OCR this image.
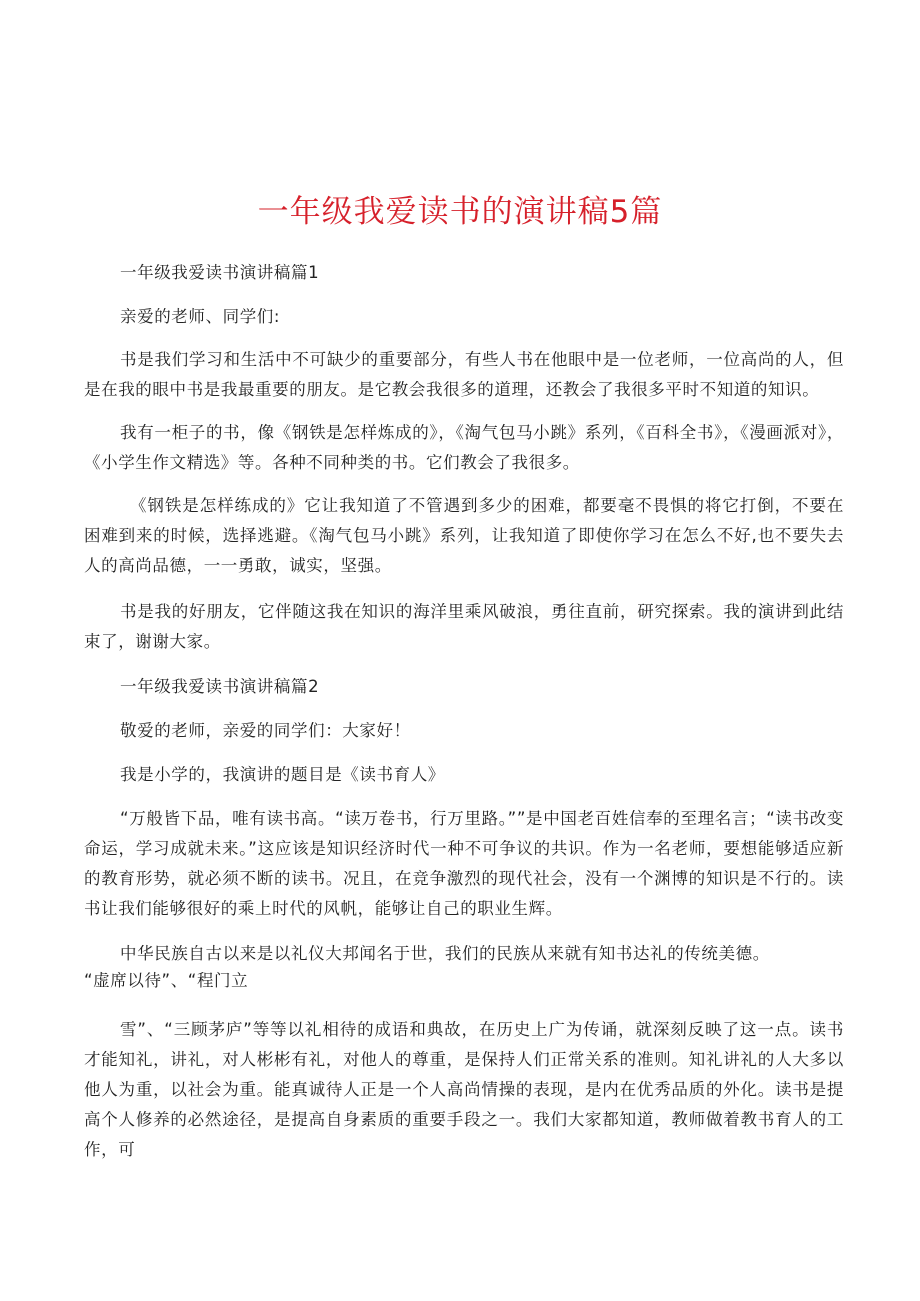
一年级我爱读书的演讲稿5篇
一年级我爱读书演讲稿篇1
亲爱的老师、同学们:
书是我们学习和生活中不可缺少的重要部分，有些人书在他眼中是一位老师，一位高尚的人，但是在我的眼中书是我最重要的朋友。是它教会我很多的道理，还教会了我很多平时不知道的知识。
我有一柜子的书，像《钢铁是怎样炼成的》，《淘气包马小跳》系列，《百科全书》，《漫画派对》，《小学生作文精选》等。各种不同种类的书。它们教会了我很多。
《钢铁是怎样练成的》它让我知道了不管遇到多少的困难，都要毫不畏惧的将它打倒，不要在困难到来的时候，选择逃避。《淘气包马小跳》系列，让我知道了即使你学习在怎么不好,也不要失去人的高尚品德，一一勇敢，诚实，坚强。
书是我的好朋友，它伴随这我在知识的海洋里乘风破浪，勇往直前，研究探索。我的演讲到此结束了，谢谢大家。
一年级我爱读书演讲稿篇2
敬爱的老师，亲爱的同学们：大家好！
我是小学的，我演讲的题目是《读书育人》
“万般皆下品，唯有读书高。“读万卷书，行万里路。””是中国老百姓信奉的至理名言；“读书改变命运，学习成就未来。”这应该是知识经济时代一种不可争议的共识。作为一名老师，要想能够适应新的教育形势，就必须不断的读书。况且，在竞争激烈的现代社会，没有一个渊博的知识是不行的。读书让我们能够很好的乘上时代的风帆，能够让自己的职业生辉。
中华民族自古以来是以礼仪大邦闻名于世，我们的民族从来就有知书达礼的传统美德。
“虚席以待”、“程门立
雪”、“三顾茅庐”等等以礼相待的成语和典故，在历史上广为传诵，就深刻反映了这一点。读书才能知礼，讲礼，对人彬彬有礼，对他人的尊重，是保持人们正常关系的准则。知礼讲礼的人大多以他人为重，以社会为重。能真诚待人正是一个人高尚情操的表现，是内在优秀品质的外化。读书是提高个人修养的必然途径，是提高自身素质的重要手段之一。我们大家都知道，教师做着教书育人的工作，可
